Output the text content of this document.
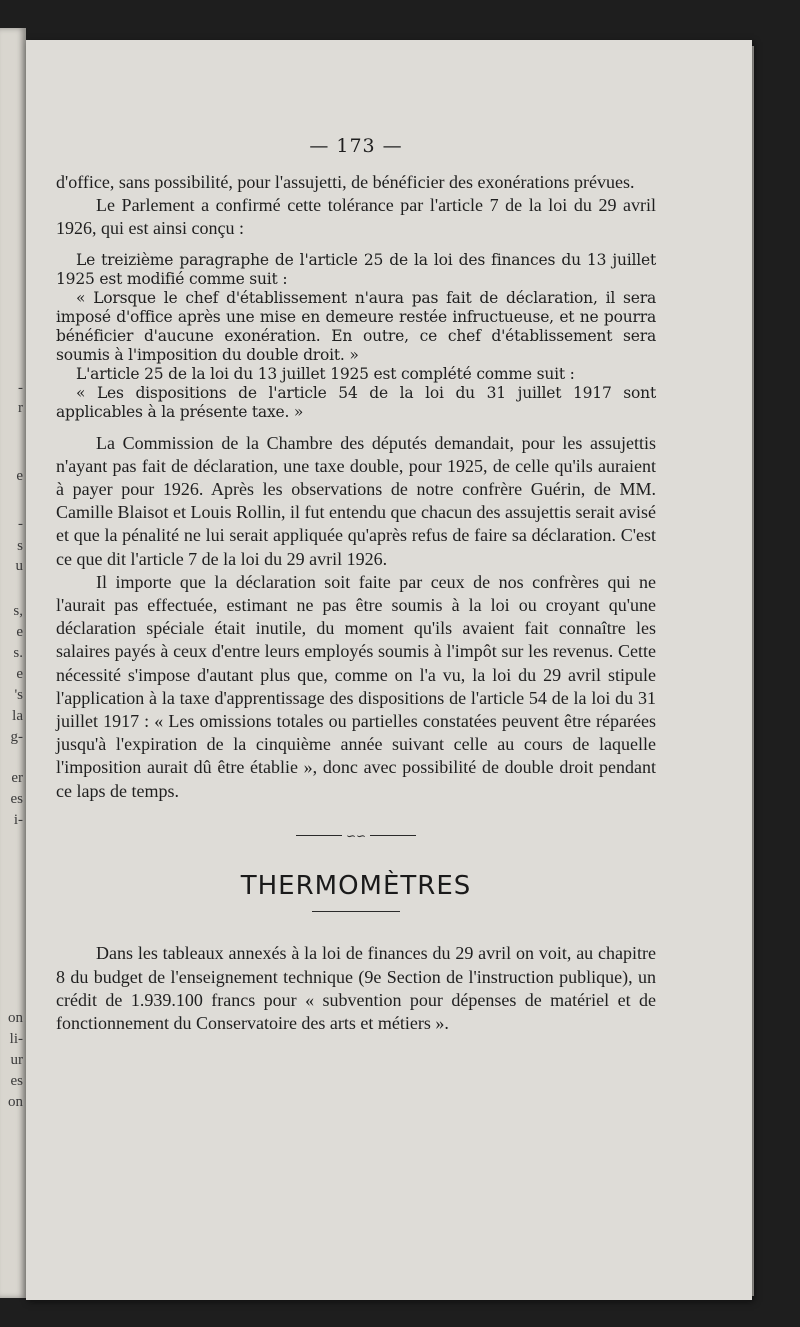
-
r
e
-
s
u
s,
e
s.
e
's
la
g-
er
es
i-
on
li-
ur
es
on

— 173 —

d'office, sans possibilité, pour l'assujetti, de bénéficier des exonérations prévues.

Le Parlement a confirmé cette tolérance par l'article 7 de la loi du 29 avril 1926, qui est ainsi conçu :

Le treizième paragraphe de l'article 25 de la loi des finances du 13 juillet 1925 est modifié comme suit :

« Lorsque le chef d'établissement n'aura pas fait de déclaration, il sera imposé d'office après une mise en demeure restée infructueuse, et ne pourra bénéficier d'aucune exonération. En outre, ce chef d'établissement sera soumis à l'imposition du double droit. »

L'article 25 de la loi du 13 juillet 1925 est complété comme suit :

« Les dispositions de l'article 54 de la loi du 31 juillet 1917 sont applicables à la présente taxe. »

La Commission de la Chambre des députés demandait, pour les assujettis n'ayant pas fait de déclaration, une taxe double, pour 1925, de celle qu'ils auraient à payer pour 1926. Après les observations de notre confrère Guérin, de MM. Camille Blaisot et Louis Rollin, il fut entendu que chacun des assujettis serait avisé et que la pénalité ne lui serait appliquée qu'après refus de faire sa déclaration. C'est ce que dit l'article 7 de la loi du 29 avril 1926.

Il importe que la déclaration soit faite par ceux de nos confrères qui ne l'aurait pas effectuée, estimant ne pas être soumis à la loi ou croyant qu'une déclaration spéciale était inutile, du moment qu'ils avaient fait connaître les salaires payés à ceux d'entre leurs employés soumis à l'impôt sur les revenus. Cette nécessité s'impose d'autant plus que, comme on l'a vu, la loi du 29 avril stipule l'application à la taxe d'apprentissage des dispositions de l'article 54 de la loi du 31 juillet 1917 : « Les omissions totales ou partielles constatées peuvent être réparées jusqu'à l'expiration de la cinquième année suivant celle au cours de laquelle l'imposition aurait dû être établie », donc avec possibilité de double droit pendant ce laps de temps.

∽∽
THERMOMÈTRES

Dans les tableaux annexés à la loi de finances du 29 avril on voit, au chapitre 8 du budget de l'enseignement technique (9e Section de l'instruction publique), un crédit de 1.939.100 francs pour « subvention pour dépenses de matériel et de fonctionnement du Conservatoire des arts et métiers ».
